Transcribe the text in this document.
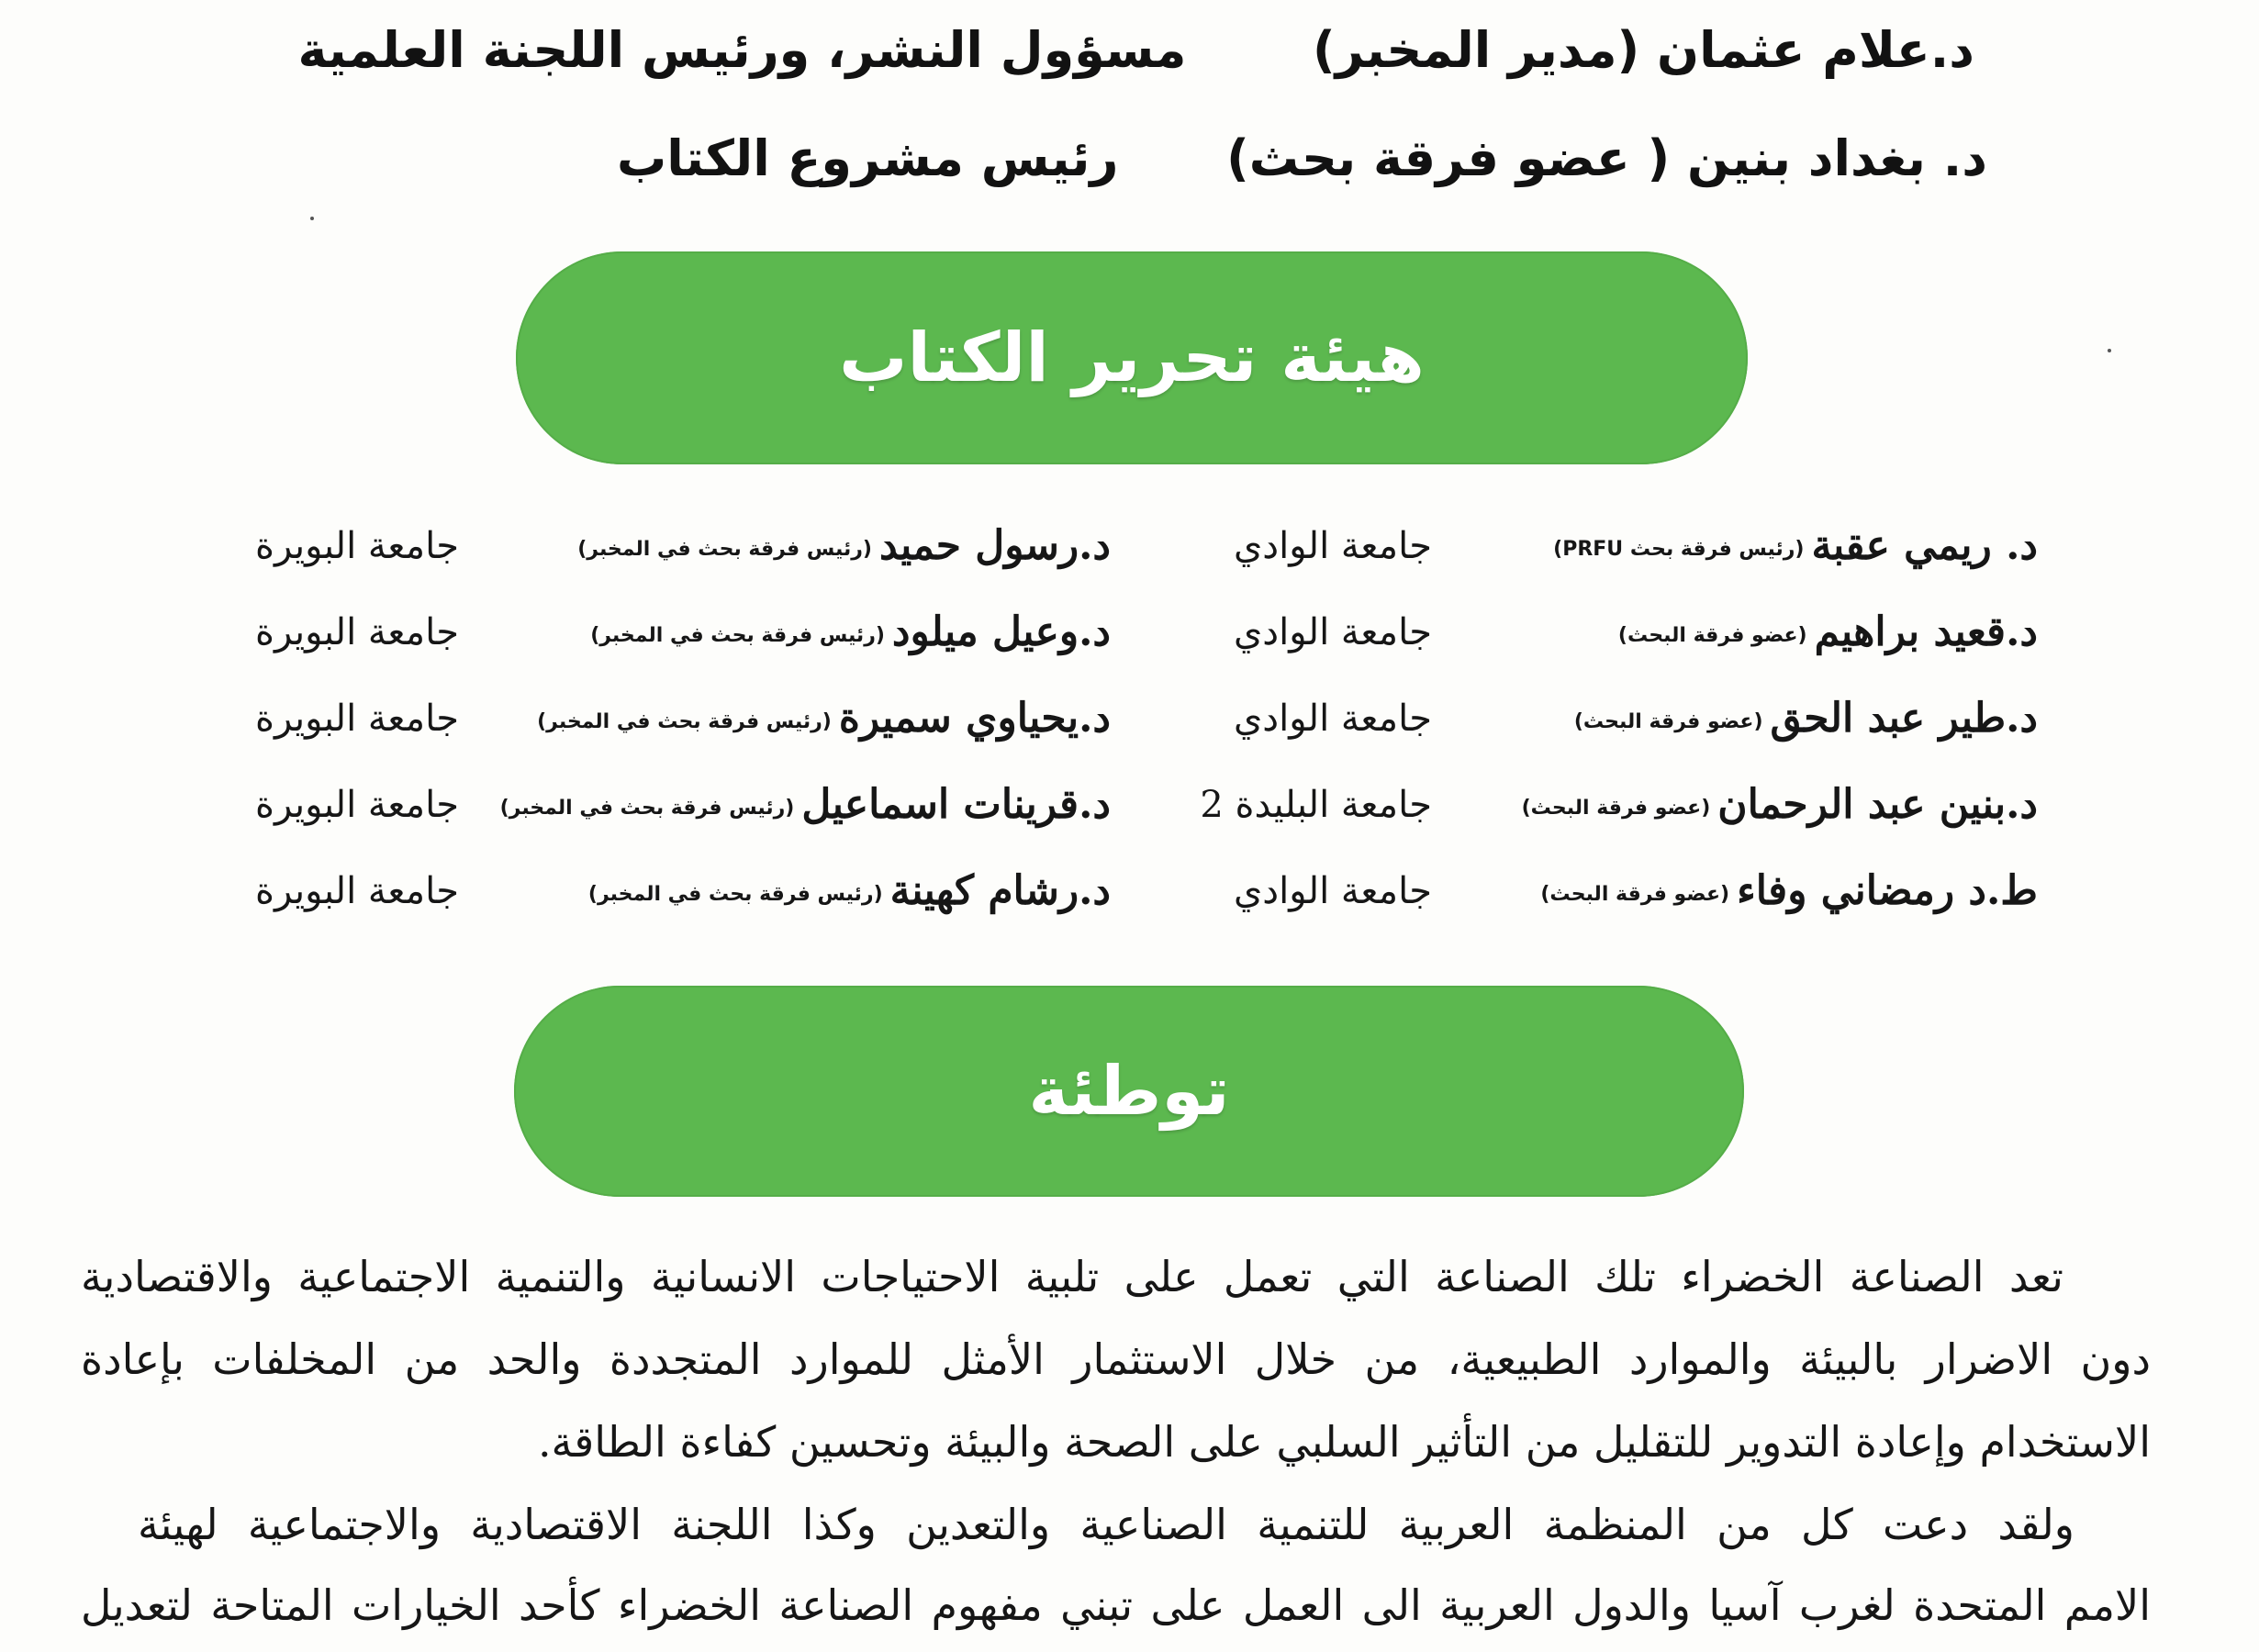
د.علام عثمان (مدير المخبر)  مسؤول النشر، ورئيس اللجنة العلمية
د. بغداد بنين ( عضو فرقة بحث)  رئيس مشروع الكتاب
هيئة تحرير الكتاب
د. ريمي عقبة(رئيس فرقة بحث PRFU)
جامعة الوادي
د.رسول حميد(رئيس فرقة بحث في المخبر)
جامعة البويرة
د.قعيد براهيم(عضو فرقة البحث)
جامعة الوادي
د.وعيل ميلود(رئيس فرقة بحث في المخبر)
جامعة البويرة
د.طير عبد الحق(عضو فرقة البحث)
جامعة الوادي
د.يحياوي سميرة(رئيس فرقة بحث في المخبر)
جامعة البويرة
د.بنين عبد الرحمان(عضو فرقة البحث)
جامعة البليدة 2
د.قرينات اسماعيل(رئيس فرقة بحث في المخبر)
جامعة البويرة
ط.د رمضاني وفاء(عضو فرقة البحث)
جامعة الوادي
د.رشام كهينة(رئيس فرقة بحث في المخبر)
جامعة البويرة
توطئة
تعد الصناعة الخضراء تلك الصناعة التي تعمل على تلبية الاحتياجات الانسانية والتنمية الاجتماعية والاقتصادية
دون الاضرار بالبيئة والموارد الطبيعية، من خلال الاستثمار الأمثل للموارد المتجددة والحد من المخلفات بإعادة
الاستخدام وإعادة التدوير للتقليل من التأثير السلبي على الصحة والبيئة وتحسين كفاءة الطاقة.
ولقد دعت كل من المنظمة العربية للتنمية الصناعية والتعدين وكذا اللجنة الاقتصادية والاجتماعية لهيئة
الامم المتحدة لغرب آسيا والدول العربية الى العمل على تبني مفهوم الصناعة الخضراء كأحد الخيارات المتاحة لتعديل
